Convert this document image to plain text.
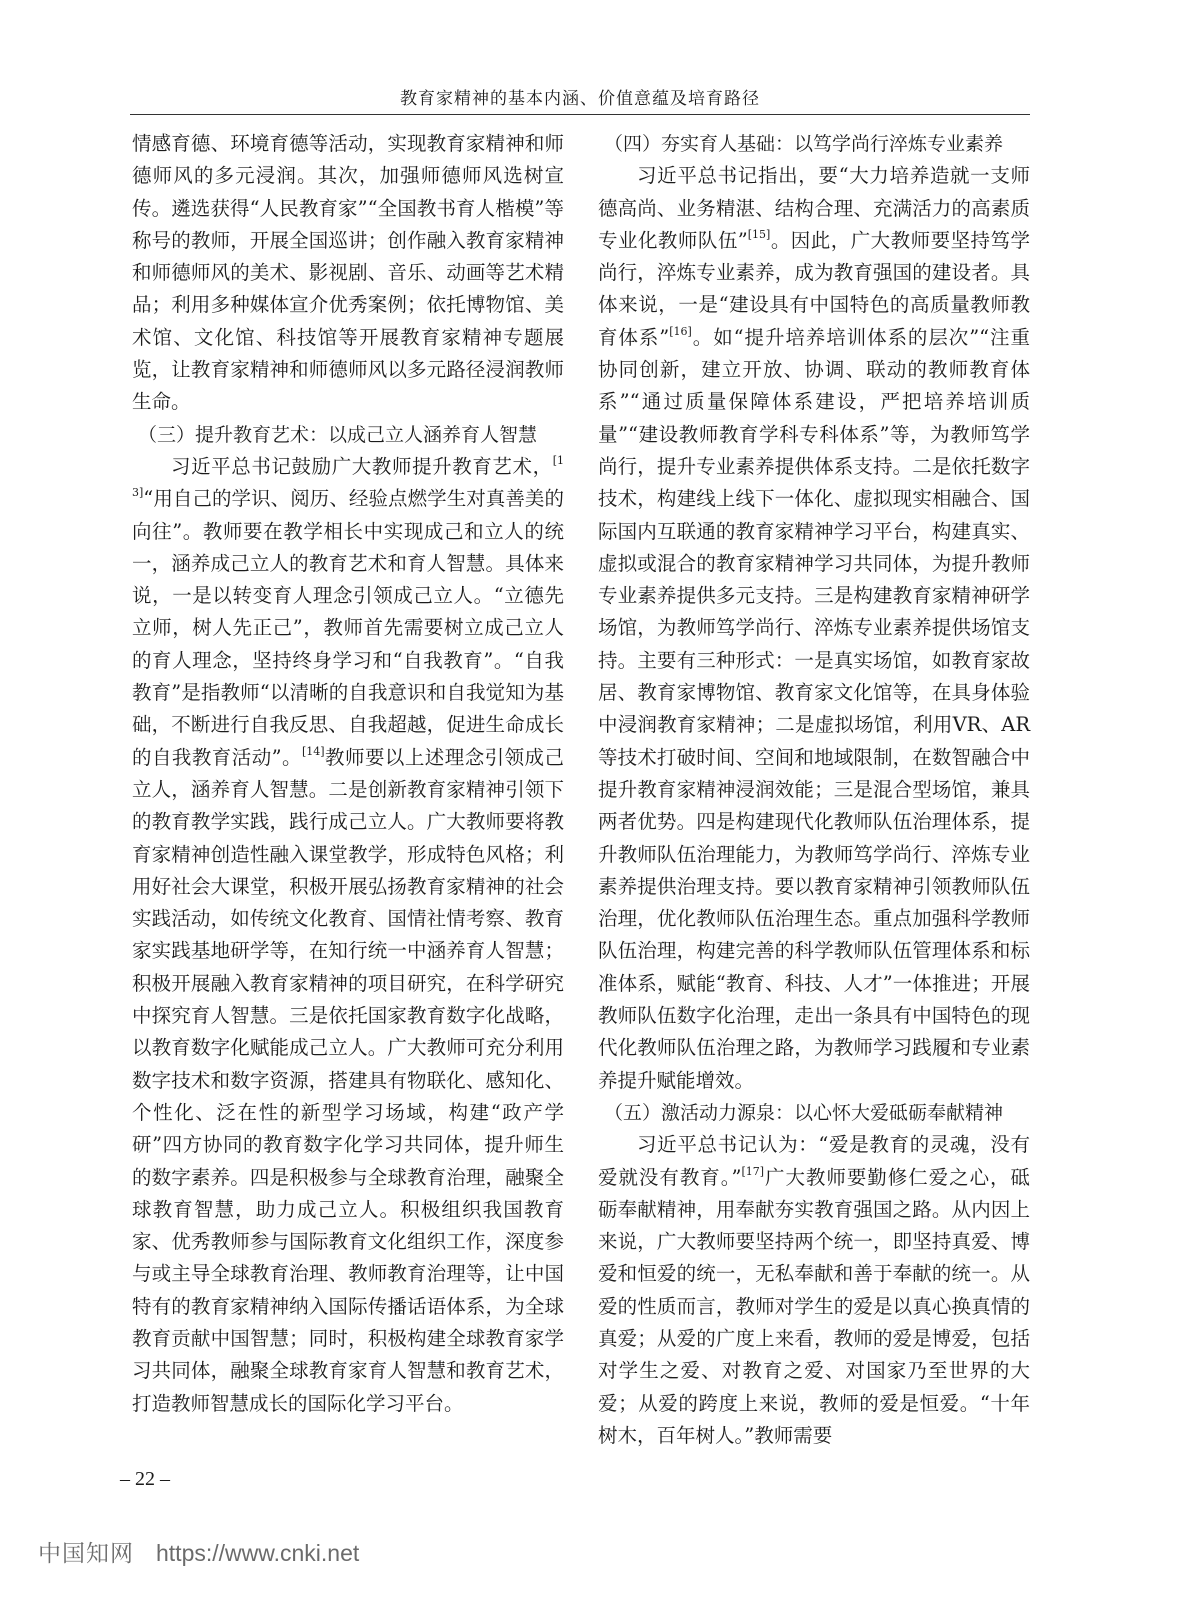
教育家精神的基本内涵、价值意蕴及培育路径

情感育德、环境育德等活动，实现教育家精神和师德师风的多元浸润。其次，加强师德师风选树宣传。遴选获得“人民教育家”“全国教书育人楷模”等称号的教师，开展全国巡讲；创作融入教育家精神和师德师风的美术、影视剧、音乐、动画等艺术精品；利用多种媒体宣介优秀案例；依托博物馆、美术馆、文化馆、科技馆等开展教育家精神专题展览，让教育家精神和师德师风以多元路径浸润教师生命。

（三）提升教育艺术：以成己立人涵养育人智慧

习近平总书记鼓励广大教师提升教育艺术，[13]“用自己的学识、阅历、经验点燃学生对真善美的向往”。教师要在教学相长中实现成己和立人的统一，涵养成己立人的教育艺术和育人智慧。具体来说，一是以转变育人理念引领成己立人。“立德先立师，树人先正己”，教师首先需要树立成己立人的育人理念，坚持终身学习和“自我教育”。“自我教育”是指教师“以清晰的自我意识和自我觉知为基础，不断进行自我反思、自我超越，促进生命成长的自我教育活动”。[14]教师要以上述理念引领成己立人，涵养育人智慧。二是创新教育家精神引领下的教育教学实践，践行成己立人。广大教师要将教育家精神创造性融入课堂教学，形成特色风格；利用好社会大课堂，积极开展弘扬教育家精神的社会实践活动，如传统文化教育、国情社情考察、教育家实践基地研学等，在知行统一中涵养育人智慧；积极开展融入教育家精神的项目研究，在科学研究中探究育人智慧。三是依托国家教育数字化战略，以教育数字化赋能成己立人。广大教师可充分利用数字技术和数字资源，搭建具有物联化、感知化、个性化、泛在性的新型学习场域，构建“政产学研”四方协同的教育数字化学习共同体，提升师生的数字素养。四是积极参与全球教育治理，融聚全球教育智慧，助力成己立人。积极组织我国教育家、优秀教师参与国际教育文化组织工作，深度参与或主导全球教育治理、教师教育治理等，让中国特有的教育家精神纳入国际传播话语体系，为全球教育贡献中国智慧；同时，积极构建全球教育家学习共同体，融聚全球教育家育人智慧和教育艺术，打造教师智慧成长的国际化学习平台。

（四）夯实育人基础：以笃学尚行淬炼专业素养

习近平总书记指出，要“大力培养造就一支师德高尚、业务精湛、结构合理、充满活力的高素质专业化教师队伍”[15]。因此，广大教师要坚持笃学尚行，淬炼专业素养，成为教育强国的建设者。具体来说，一是“建设具有中国特色的高质量教师教育体系”[16]。如“提升培养培训体系的层次”“注重协同创新，建立开放、协调、联动的教师教育体系”“通过质量保障体系建设，严把培养培训质量”“建设教师教育学科专科体系”等，为教师笃学尚行，提升专业素养提供体系支持。二是依托数字技术，构建线上线下一体化、虚拟现实相融合、国际国内互联通的教育家精神学习平台，构建真实、虚拟或混合的教育家精神学习共同体，为提升教师专业素养提供多元支持。三是构建教育家精神研学场馆，为教师笃学尚行、淬炼专业素养提供场馆支持。主要有三种形式：一是真实场馆，如教育家故居、教育家博物馆、教育家文化馆等，在具身体验中浸润教育家精神；二是虚拟场馆，利用VR、AR等技术打破时间、空间和地域限制，在数智融合中提升教育家精神浸润效能；三是混合型场馆，兼具两者优势。四是构建现代化教师队伍治理体系，提升教师队伍治理能力，为教师笃学尚行、淬炼专业素养提供治理支持。要以教育家精神引领教师队伍治理，优化教师队伍治理生态。重点加强科学教师队伍治理，构建完善的科学教师队伍管理体系和标准体系，赋能“教育、科技、人才”一体推进；开展教师队伍数字化治理，走出一条具有中国特色的现代化教师队伍治理之路，为教师学习践履和专业素养提升赋能增效。

（五）激活动力源泉：以心怀大爱砥砺奉献精神

习近平总书记认为：“爱是教育的灵魂，没有爱就没有教育。”[17]广大教师要勤修仁爱之心，砥砺奉献精神，用奉献夯实教育强国之路。从内因上来说，广大教师要坚持两个统一，即坚持真爱、博爱和恒爱的统一，无私奉献和善于奉献的统一。从爱的性质而言，教师对学生的爱是以真心换真情的真爱；从爱的广度上来看，教师的爱是博爱，包括对学生之爱、对教育之爱、对国家乃至世界的大爱；从爱的跨度上来说，教师的爱是恒爱。“十年树木，百年树人。”教师需要

– 22 –
中国知网 https://www.cnki.net
